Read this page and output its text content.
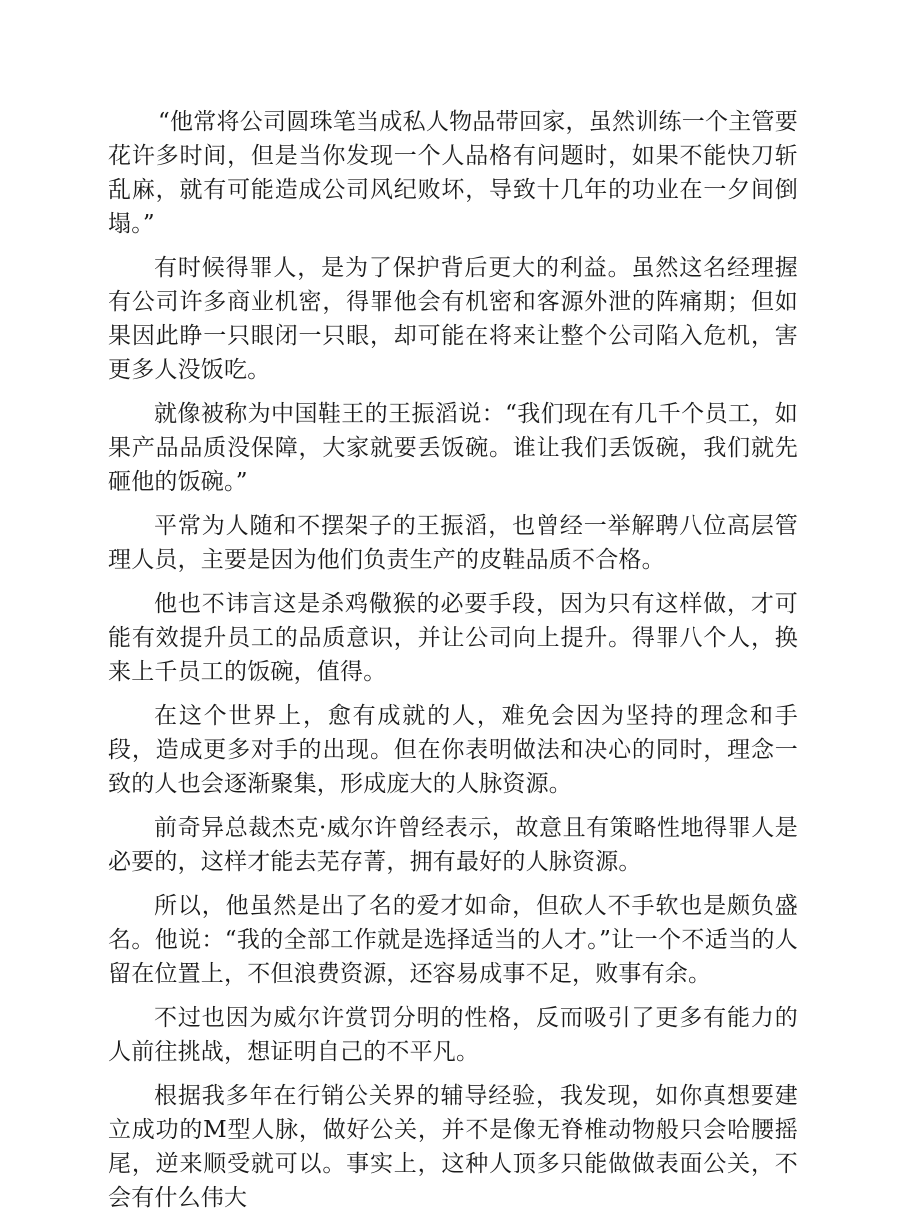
“他常将公司圆珠笔当成私人物品带回家，虽然训练一个主管要花许多时间，但是当你发现一个人品格有问题时，如果不能快刀斩乱麻，就有可能造成公司风纪败坏，导致十几年的功业在一夕间倒塌。”

有时候得罪人，是为了保护背后更大的利益。虽然这名经理握有公司许多商业机密，得罪他会有机密和客源外泄的阵痛期；但如果因此睁一只眼闭一只眼，却可能在将来让整个公司陷入危机，害更多人没饭吃。

就像被称为中国鞋王的王振滔说：“我们现在有几千个员工，如果产品品质没保障，大家就要丢饭碗。谁让我们丢饭碗，我们就先砸他的饭碗。”

平常为人随和不摆架子的王振滔，也曾经一举解聘八位高层管理人员，主要是因为他们负责生产的皮鞋品质不合格。

他也不讳言这是杀鸡儆猴的必要手段，因为只有这样做，才可能有效提升员工的品质意识，并让公司向上提升。得罪八个人，换来上千员工的饭碗，值得。

在这个世界上，愈有成就的人，难免会因为坚持的理念和手段，造成更多对手的出现。但在你表明做法和决心的同时，理念一致的人也会逐渐聚集，形成庞大的人脉资源。

前奇异总裁杰克·威尔许曾经表示，故意且有策略性地得罪人是必要的，这样才能去芜存菁，拥有最好的人脉资源。

所以，他虽然是出了名的爱才如命，但砍人不手软也是颇负盛名。他说：“我的全部工作就是选择适当的人才。”让一个不适当的人留在位置上，不但浪费资源，还容易成事不足，败事有余。

不过也因为威尔许赏罚分明的性格，反而吸引了更多有能力的人前往挑战，想证明自己的不平凡。

根据我多年在行销公关界的辅导经验，我发现，如你真想要建立成功的M型人脉，做好公关，并不是像无脊椎动物般只会哈腰摇尾，逆来顺受就可以。事实上，这种人顶多只能做做表面公关，不会有什么伟大
